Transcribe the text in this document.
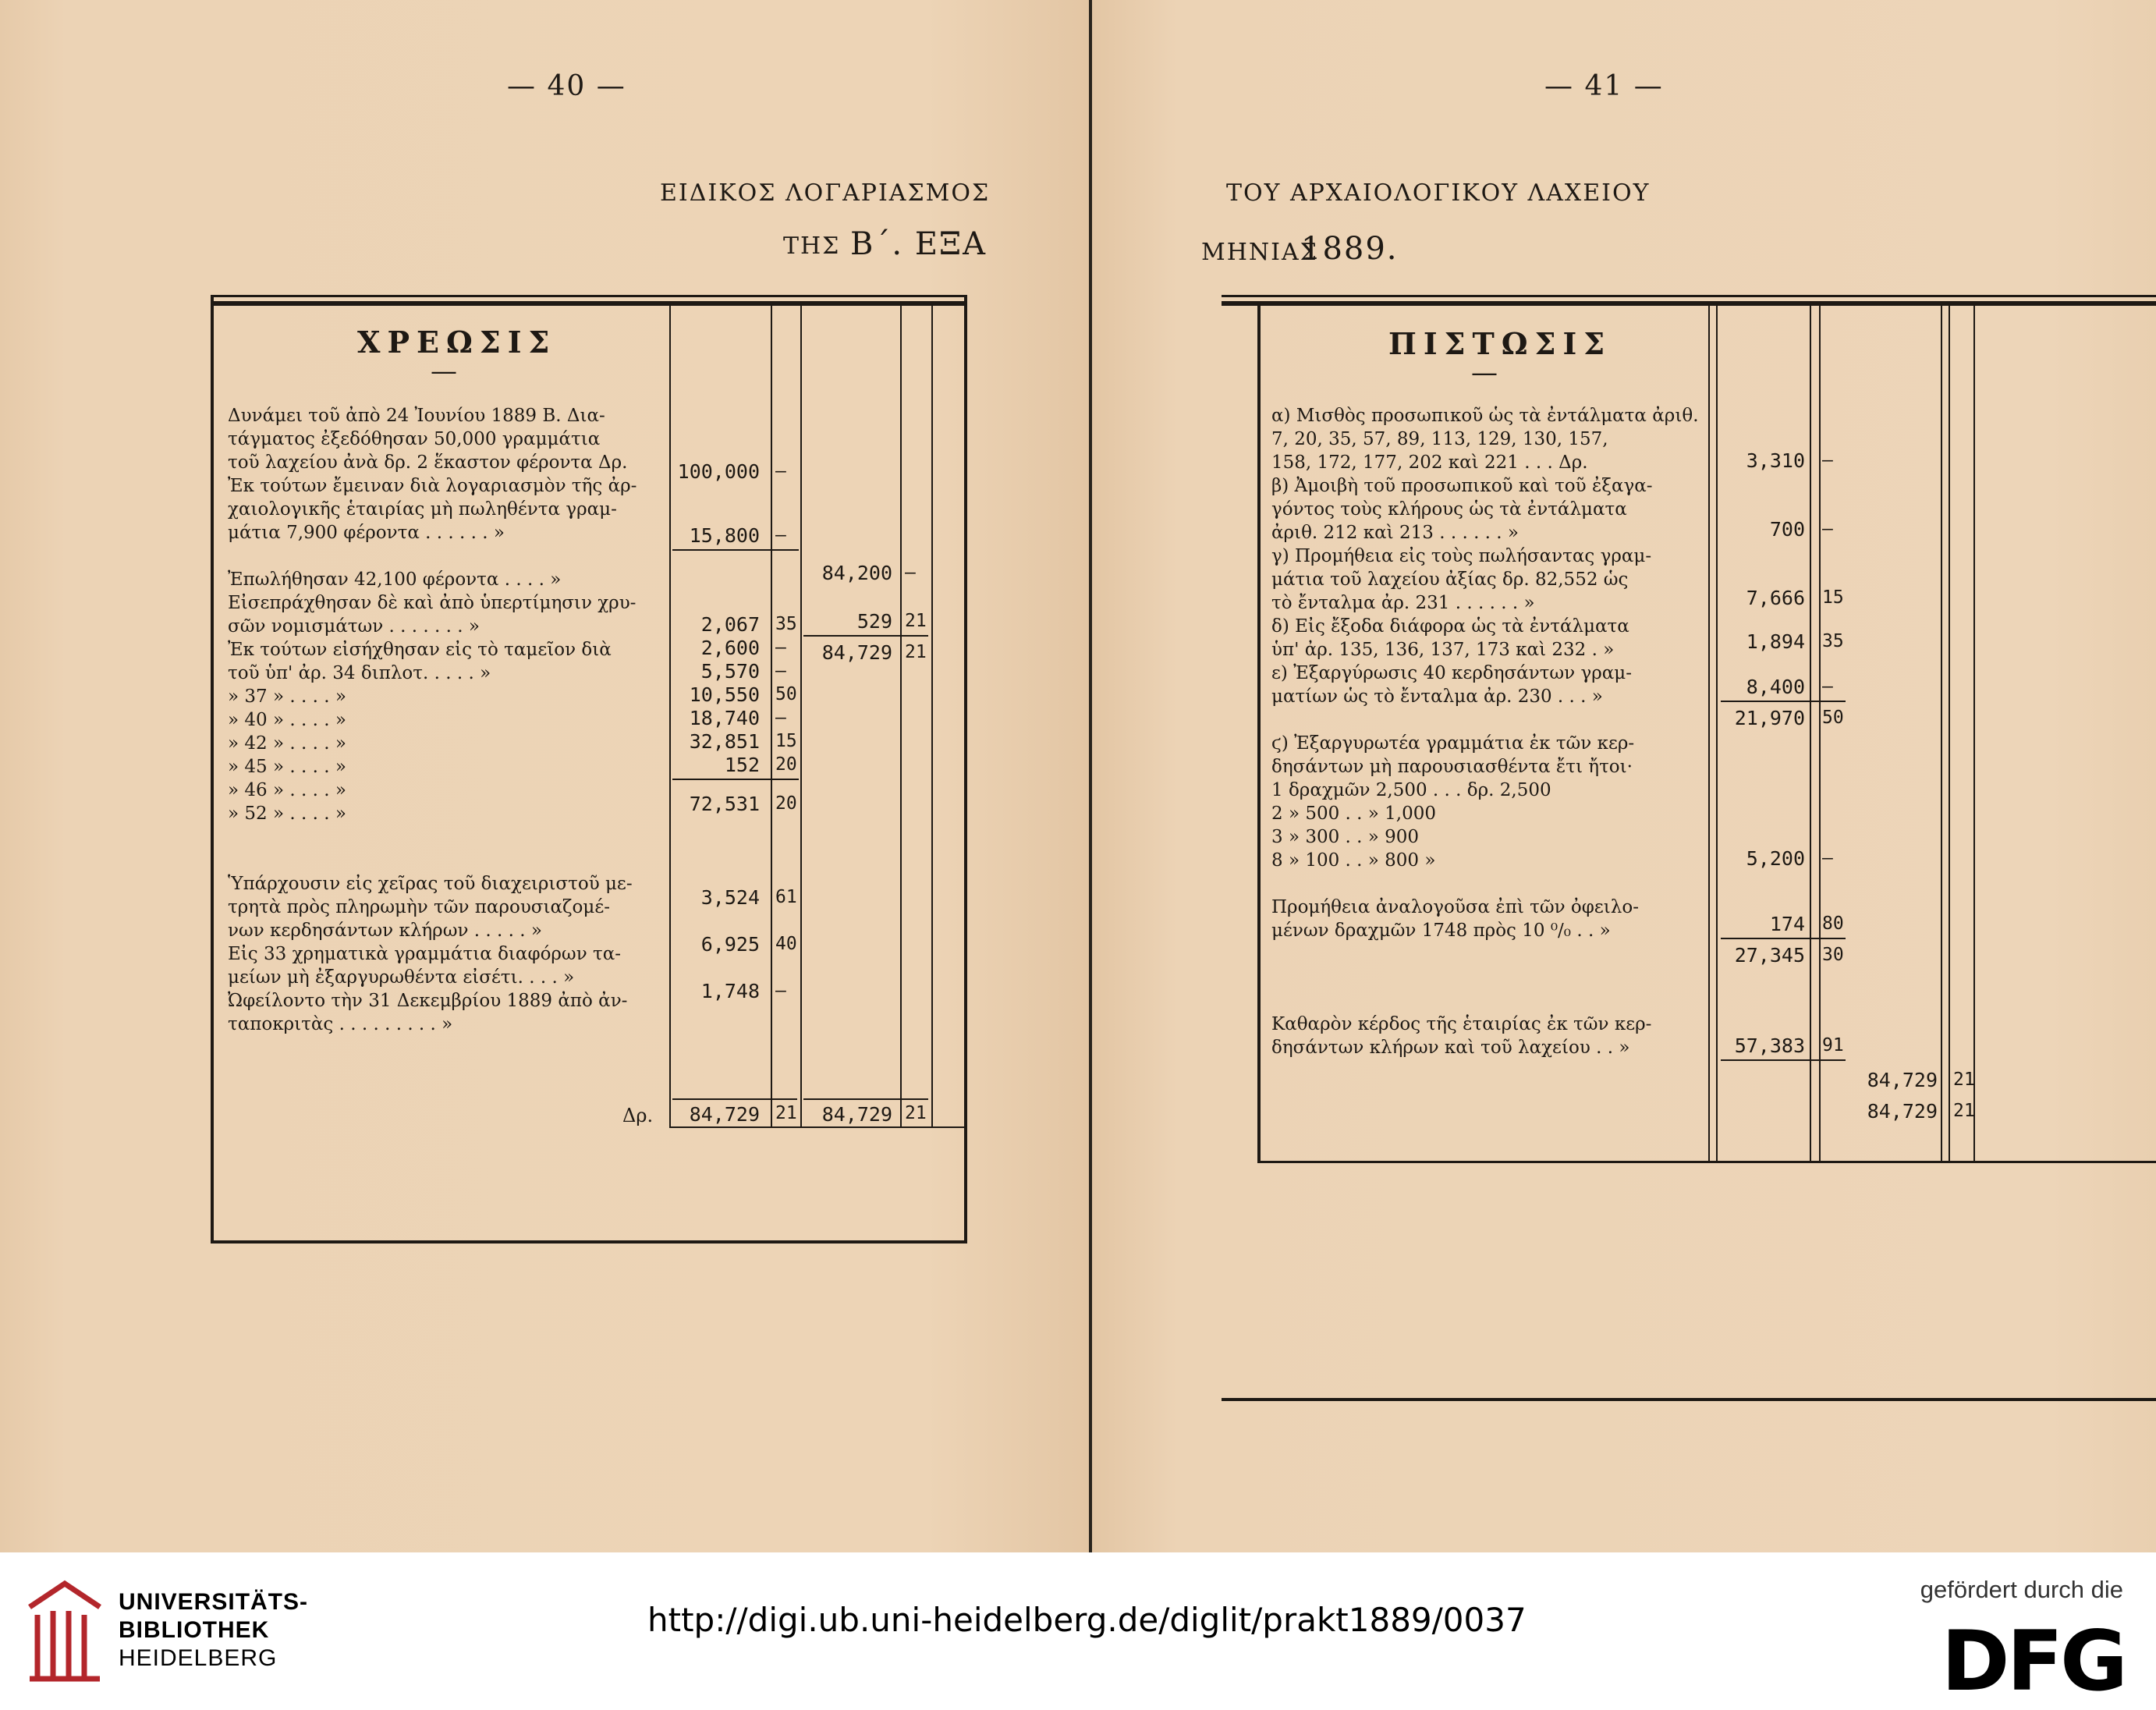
— 40 —
ΕΙΔΙΚΟΣ ΛΟΓΑΡΙΑΣΜΟΣ
ΤΗΣ Β΄. ΕΞΑ
ΧΡΕΩΣΙΣ
—
Δυνάμει τοῦ ἀπὸ 24 Ἰουνίου 1889 Β. Δια-
τάγματος ἐξεδόθησαν 50,000 γραμμάτια
τοῦ λαχείου ἀνὰ δρ. 2 ἕκαστον φέροντα Δρ.
Ἐκ τούτων ἔμειναν διὰ λογαριασμὸν τῆς ἀρ-
χαιολογικῆς ἑταιρίας μὴ πωληθέντα γραμ-
μάτια 7,900 φέροντα . . . . . . »

Ἐπωλήθησαν 42,100 φέροντα . . . . »
Εἰσεπράχθησαν δὲ καὶ ἀπὸ ὑπερτίμησιν χρυ-
σῶν νομισμάτων . . . . . . . »
Ἐκ τούτων εἰσήχθησαν εἰς τὸ ταμεῖον διὰ
τοῦ ὑπ' ἀρ. 34 διπλοτ. . . . . »
» 37 » . . . . »
» 40 » . . . . »
» 42 » . . . . »
» 45 » . . . . »
» 46 » . . . . »
» 52 » . . . . »

Ὑπάρχουσιν εἰς χεῖρας τοῦ διαχειριστοῦ με-
τρητὰ πρὸς πληρωμὴν τῶν παρουσιαζομέ-
νων κερδησάντων κλήρων . . . . . »
Εἰς 33 χρηματικὰ γραμμάτια διαφόρων τα-
μείων μὴ ἐξαργυρωθέντα εἰσέτι. . . . »
Ὠφείλοντο τὴν 31 Δεκεμβρίου 1889 ἀπὸ ἀν-
ταποκριτὰς . . . . . . . . . »
100,000 —
15,800 —
2,067 35
2,600 —
5,570 —
10,550 50
18,740 —
32,851 15
152 20
72,531 20
3,524 61
6,925 40
1,748 —
84,200 —
529 21
84,729 21
Δρ.	84,729 21	84,729 21
— 41 —
ΤΟΥ ΑΡΧΑΙΟΛΟΓΙΚΟΥ ΛΑΧΕΙΟΥ
ΜΗΝΙΑΣ
1889.
ΠΙΣΤΩΣΙΣ
—
α) Μισθὸς προσωπικοῦ ὡς τὰ ἐντάλματα ἀριθ.
7, 20, 35, 57, 89, 113, 129, 130, 157,
158, 172, 177, 202 καὶ 221 . . . Δρ.
β) Ἀμοιβὴ τοῦ προσωπικοῦ καὶ τοῦ ἐξαγα-
γόντος τοὺς κλήρους ὡς τὰ ἐντάλματα
ἀριθ. 212 καὶ 213 . . . . . . »
γ) Προμήθεια εἰς τοὺς πωλήσαντας γραμ-
μάτια τοῦ λαχείου ἀξίας δρ. 82,552 ὡς
τὸ ἔνταλμα ἀρ. 231 . . . . . . »
δ) Εἰς ἔξοδα διάφορα ὡς τὰ ἐντάλματα
ὑπ' ἀρ. 135, 136, 137, 173 καὶ 232 . »
ε) Ἐξαργύρωσις 40 κερδησάντων γραμ-
ματίων ὡς τὸ ἔνταλμα ἀρ. 230 . . . »

ϛ) Ἐξαργυρωτέα γραμμάτια ἐκ τῶν κερ-
δησάντων μὴ παρουσιασθέντα ἔτι ἤτοι·
1 δραχμῶν 2,500 . . . δρ. 2,500
2 » 500 . . » 1,000
3 » 300 . . » 900
8 » 100 . . » 800 »

Προμήθεια ἀναλογοῦσα ἐπὶ τῶν ὀφειλο-
μένων δραχμῶν 1748 πρὸς 10 ⁰/₀ . . »

Καθαρὸν κέρδος τῆς ἑταιρίας ἐκ τῶν κερ-
δησάντων κλήρων καὶ τοῦ λαχείου . . »
3,310 —
700 —
7,666 15
1,894 35
8,400 —
21,970 50
5,200 —
174 80
27,345 30
57,383 91
84,729 21
84,729 21
UNIVERSITÄTS-
BIBLIOTHEK
HEIDELBERG
http://digi.ub.uni-heidelberg.de/diglit/prakt1889/0037
gefördert durch die
DFG
